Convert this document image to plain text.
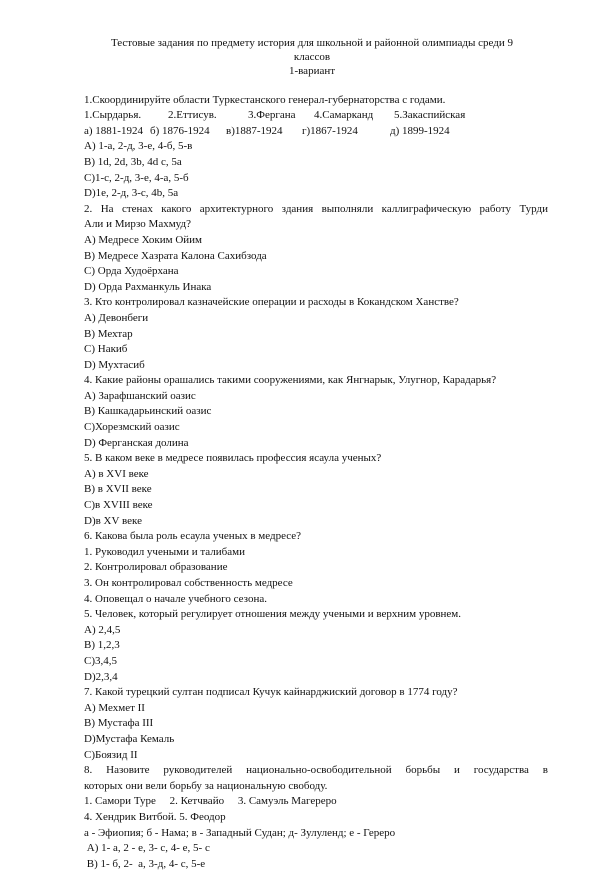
Тестовые задания по предмету история для школьной и районной олимпиады среди 9
классов
1-вариант
1.Скоординируйте области Туркестанского генерал-губернаторства с годами.
1.Сырдарья.	2.Еттисув.	3.Фергана	4.Самарканд	5.Закаспийская
а) 1881-1924 б) 1876-1924	в)1887-1924	г)1867-1924	д) 1899-1924
А) 1-а, 2-д, 3-е, 4-б, 5-в
В) 1d, 2d, 3b, 4d c, 5a
С)1-с, 2-д, 3-е, 4-а, 5-б
D)1e, 2-д, 3-с, 4b, 5a
2. На стенах какого архитектурного здания выполняли каллиграфическую работу Турди
Али и Мирзо Махмуд?
А) Медресе Хоким Ойим
В) Медресе Хазрата Калона Сахибзода
С) Орда Худоёрхана
D) Орда Рахманкуль Инака
3. Кто контролировал казначейские операции и расходы в Кокандском Ханстве?
А) Девонбеги
В) Мехтар
С) Накиб
D) Мухтасиб
4. Какие районы орашались такими сооружениями, как Янгнарык, Улугнор, Карадарья?
А) Зарафшанский оазис
В) Кашкадарьинский оазис
С)Хорезмский оазис
D) Ферганская долина
5. В каком веке в медресе появилась профессия ясаула ученых?
А) в XVI веке
В) в XVII веке
С)в XVIII веке
D)в XV веке
6. Какова была роль есаула ученых в медресе?
1. Руководил учеными и талибами
2. Контролировал образование
3. Он контролировал собственность медресе
4. Оповещал о начале учебного сезона.
5. Человек, который регулирует отношения между учеными и верхним уровнем.
А) 2,4,5
В) 1,2,3
С)3,4,5
D)2,3,4
7. Какой турецкий султан подписал Кучук кайнарджиский договор в 1774 году?
А) Мехмет II
В) Мустафа III
D)Мустафа Кемаль
С)Боязид II
8. Назовите руководителей национально-освободительной борьбы и государства в
которых они вели борьбу за национальную свободу.
1. Самори Туре     2. Кетчвайо     3. Самуэль Магереро
4. Хендрик Витбой. 5. Феодор
а - Эфиопия; б - Нама; в - Западный Судан; д- Зулуленд; е - Гереро
А) 1- а, 2 - е, 3- с, 4- е, 5- с
В) 1- б, 2-  а, 3-д, 4- с, 5-е
